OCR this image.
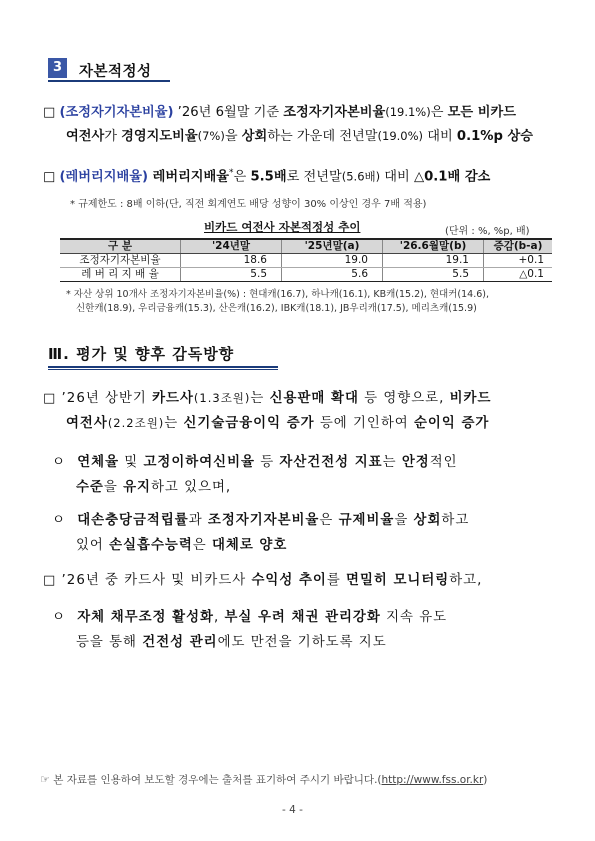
3	자본적정성
□ (조정자기자본비율) ’26년 6월말 기준 조정자기자본비율(19.1%)은 모든 비카드
여전사가 경영지도비율(7%)을 상회하는 가운데 전년말(19.0%) 대비 0.1%p 상승
□ (레버리지배율) 레버리지배율*은 5.5배로 전년말(5.6배) 대비 △0.1배 감소
* 규제한도 : 8배 이하(단, 직전 회계연도 배당 성향이 30% 이상인 경우 7배 적용)
비카드 여전사 자본적정성 추이	(단위 : %, %p, 배)
구 분	'24년말	'25년말(a)	'26.6월말(b)	증감(b-a)
조정자기자본비율	18.6	19.0	19.1	+0.1
레 버 리 지 배 율	5.5	5.6	5.5	△0.1
* 자산 상위 10개사 조정자기자본비율(%) : 현대캐(16.7), 하나캐(16.1), KB캐(15.2), 현대커(14.6),
신한캐(18.9), 우리금융캐(15.3), 산은캐(16.2), IBK캐(18.1), JB우리캐(17.5), 메리츠캐(15.9)
Ⅲ. 평가 및 향후 감독방향
□ ’26년 상반기 카드사(1.3조원)는 신용판매 확대 등 영향으로, 비카드
여전사(2.2조원)는 신기술금융이익 증가 등에 기인하여 순이익 증가
ㅇ 연체율 및 고정이하여신비율 등 자산건전성 지표는 안정적인
수준을 유지하고 있으며,
ㅇ 대손충당금적립률과 조정자기자본비율은 규제비율을 상회하고
있어 손실흡수능력은 대체로 양호
□ ’26년 중 카드사 및 비카드사 수익성 추이를 면밀히 모니터링하고,
ㅇ 자체 채무조정 활성화, 부실 우려 채권 관리강화 지속 유도
등을 통해 건전성 관리에도 만전을 기하도록 지도
☞ 본 자료를 인용하여 보도할 경우에는 출처를 표기하여 주시기 바랍니다.(http://www.fss.or.kr)
- 4 -
